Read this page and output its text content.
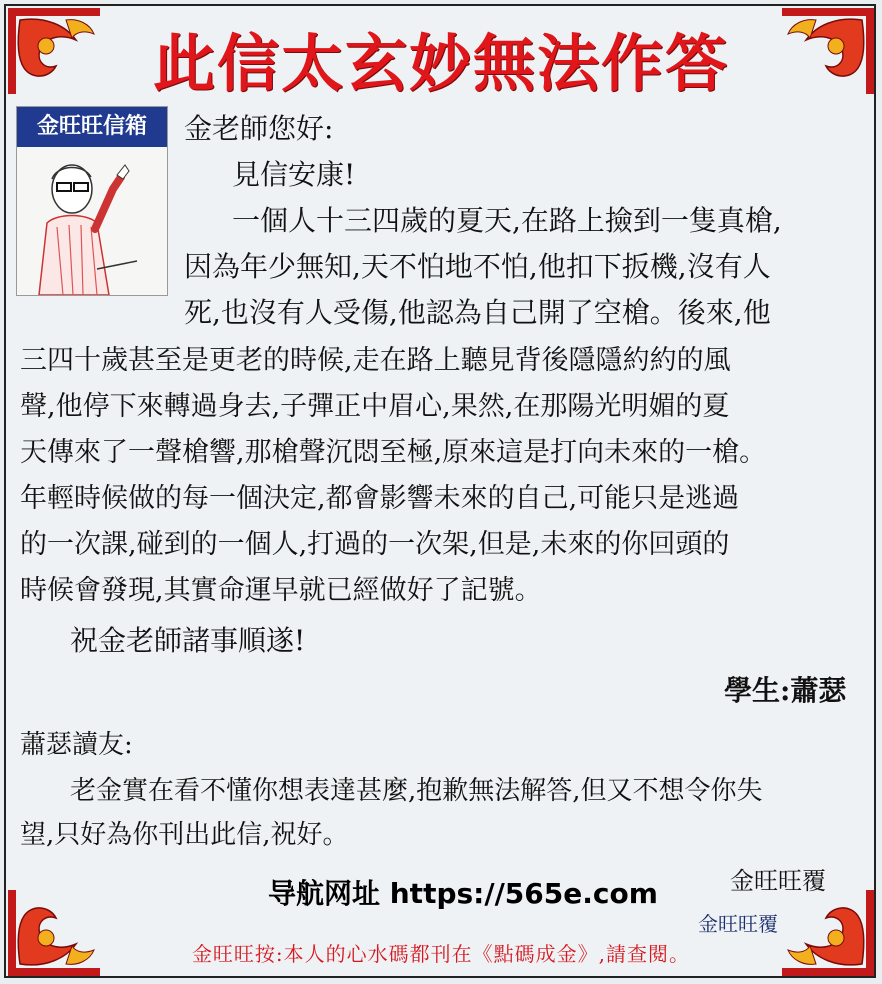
此信太玄妙無法作答
金旺旺信箱	金老師您好:
見信安康!
一個人十三四歲的夏天,在路上撿到一隻真槍,
因為年少無知,天不怕地不怕,他扣下扳機,沒有人
死,也沒有人受傷,他認為自己開了空槍。後來,他
三四十歲甚至是更老的時候,走在路上聽見背後隱隱約約的風
聲,他停下來轉過身去,子彈正中眉心,果然,在那陽光明媚的夏
天傳來了一聲槍響,那槍聲沉悶至極,原來這是打向未來的一槍。
年輕時候做的每一個決定,都會影響未來的自己,可能只是逃過
的一次課,碰到的一個人,打過的一次架,但是,未來的你回頭的
時候會發現,其實命運早就已經做好了記號。
祝金老師諸事順遂!
學生:蕭瑟
蕭瑟讀友:
老金實在看不懂你想表達甚麼,抱歉無法解答,但又不想令你失
望,只好為你刊出此信,祝好。
金旺旺覆
导航网址 https://565e.com
金旺旺覆
金旺旺按:本人的心水碼都刊在《點碼成金》,請查閱。
